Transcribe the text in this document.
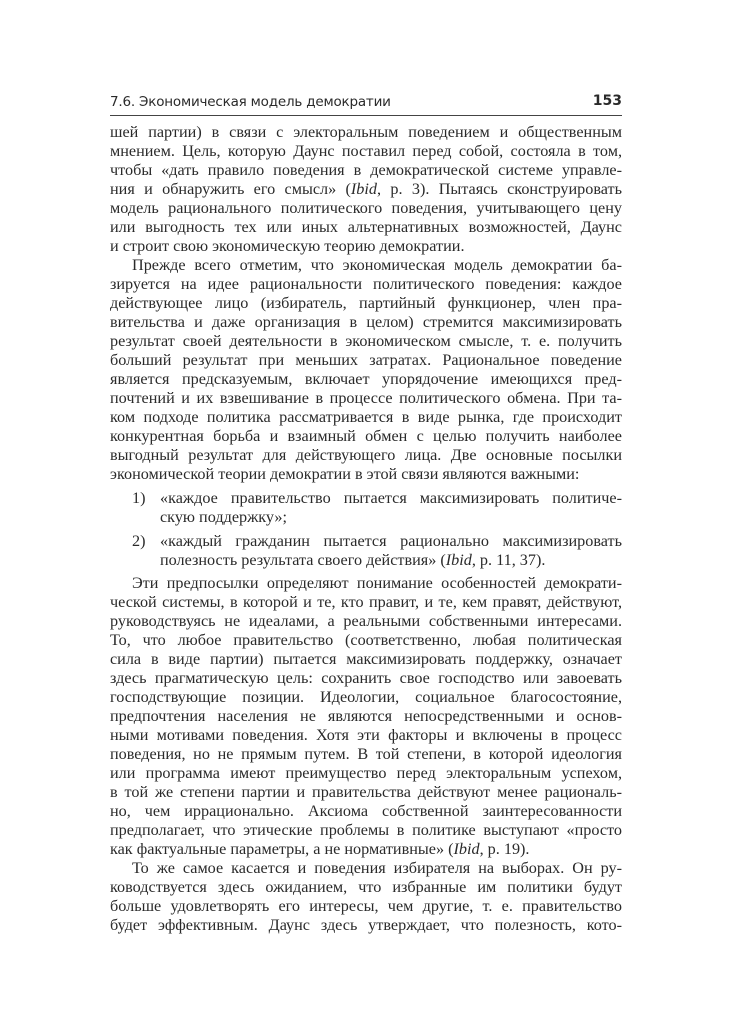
7.6. Экономическая модель демократии	153
шей партии) в связи с электоральным поведением и общественным
мнением. Цель, которую Даунс поставил перед собой, состояла в том,
чтобы «дать правило поведения в демократической системе управле-
ния и обнаружить его смысл» (Ibid, p. 3). Пытаясь сконструировать
модель рационального политического поведения, учитывающего цену
или выгодность тех или иных альтернативных возможностей, Даунс
и строит свою экономическую теорию демократии.
Прежде всего отметим, что экономическая модель демократии ба-
зируется на идее рациональности политического поведения: каждое
действующее лицо (избиратель, партийный функционер, член пра-
вительства и даже организация в целом) стремится максимизировать
результат своей деятельности в экономическом смысле, т. е. получить
больший результат при меньших затратах. Рациональное поведение
является предсказуемым, включает упорядочение имеющихся пред-
почтений и их взвешивание в процессе политического обмена. При та-
ком подходе политика рассматривается в виде рынка, где происходит
конкурентная борьба и взаимный обмен с целью получить наиболее
выгодный результат для действующего лица. Две основные посылки
экономической теории демократии в этой связи являются важными:
1) «каждое правительство пытается максимизировать политиче-
скую поддержку»;
2) «каждый гражданин пытается рационально максимизировать
полезность результата своего действия» (Ibid, p. 11, 37).
Эти предпосылки определяют понимание особенностей демократи-
ческой системы, в которой и те, кто правит, и те, кем правят, действуют,
руководствуясь не идеалами, а реальными собственными интересами.
То, что любое правительство (соответственно, любая политическая
сила в виде партии) пытается максимизировать поддержку, означает
здесь прагматическую цель: сохранить свое господство или завоевать
господствующие позиции. Идеологии, социальное благосостояние,
предпочтения населения не являются непосредственными и основ-
ными мотивами поведения. Хотя эти факторы и включены в процесс
поведения, но не прямым путем. В той степени, в которой идеология
или программа имеют преимущество перед электоральным успехом,
в той же степени партии и правительства действуют менее рациональ-
но, чем иррационально. Аксиома собственной заинтересованности
предполагает, что этические проблемы в политике выступают «просто
как фактуальные параметры, а не нормативные» (Ibid, p. 19).
То же самое касается и поведения избирателя на выборах. Он ру-
ководствуется здесь ожиданием, что избранные им политики будут
больше удовлетворять его интересы, чем другие, т. е. правительство
будет эффективным. Даунс здесь утверждает, что полезность, кото-
